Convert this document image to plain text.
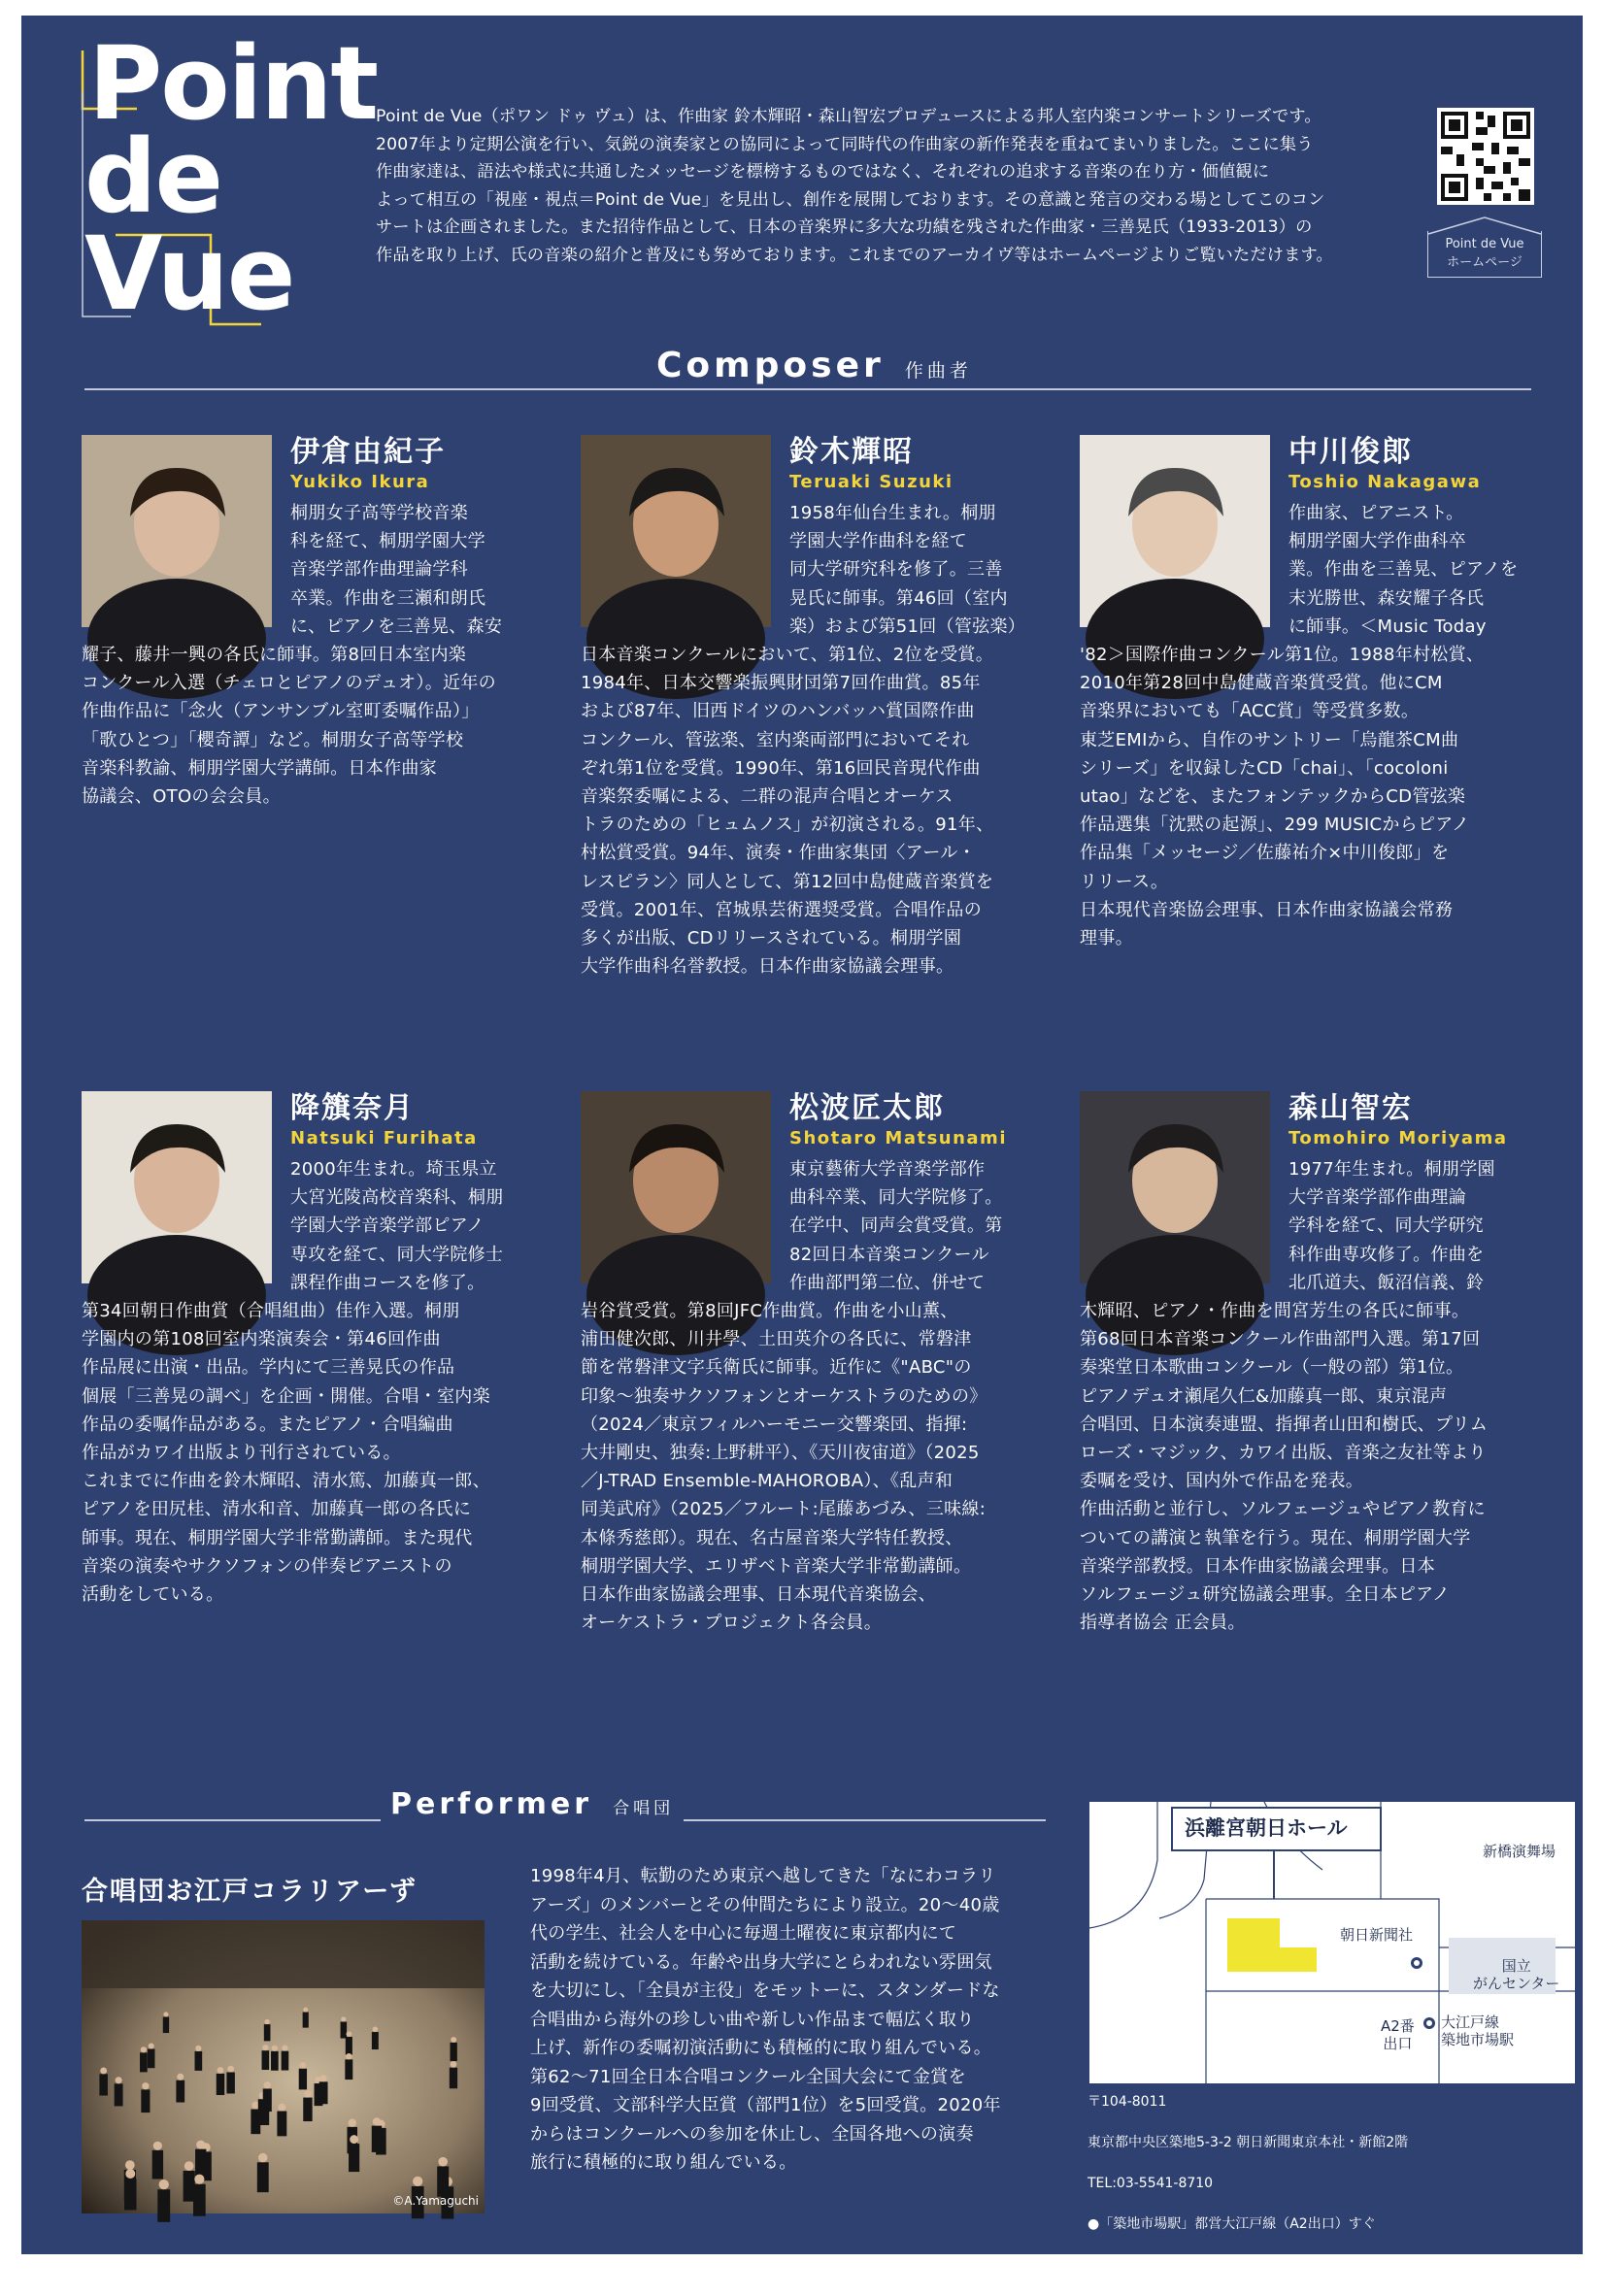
Point
de
Vue
Point de Vue（ポワン ドゥ ヴュ）は、作曲家 鈴木輝昭・森山智宏プロデュースによる邦人室内楽コンサートシリーズです。
2007年より定期公演を行い、気鋭の演奏家との協同によって同時代の作曲家の新作発表を重ねてまいりました。ここに集う
作曲家達は、語法や様式に共通したメッセージを標榜するものではなく、それぞれの追求する音楽の在り方・価値観に
よって相互の「視座・視点＝Point de Vue」を見出し、創作を展開しております。その意識と発言の交わる場としてこのコン
サートは企画されました。また招待作品として、日本の音楽界に多大な功績を残された作曲家・三善晃氏（1933-2013）の
作品を取り上げ、氏の音楽の紹介と普及にも努めております。これまでのアーカイヴ等はホームページよりご覧いただけます。
Point de Vue
ホームページ
Composer 作曲者
伊倉由紀子
Yukiko Ikura
桐朋女子高等学校音楽
科を経て、桐朋学園大学
音楽学部作曲理論学科
卒業。作曲を三瀬和朗氏
に、ピアノを三善晃、森安
耀子、藤井一興の各氏に師事。第8回日本室内楽
コンクール入選（チェロとピアノのデュオ）。近年の
作曲作品に「念火（アンサンブル室町委嘱作品）」
「歌ひとつ」「櫻奇譚」など。桐朋女子高等学校
音楽科教諭、桐朋学園大学講師。日本作曲家
協議会、OTOの会会員。
鈴木輝昭
Teruaki Suzuki
1958年仙台生まれ。桐朋
学園大学作曲科を経て
同大学研究科を修了。三善
晃氏に師事。第46回（室内
楽）および第51回（管弦楽）
日本音楽コンクールにおいて、第1位、2位を受賞。
1984年、日本交響楽振興財団第7回作曲賞。85年
および87年、旧西ドイツのハンバッハ賞国際作曲
コンクール、管弦楽、室内楽両部門においてそれ
ぞれ第1位を受賞。1990年、第16回民音現代作曲
音楽祭委嘱による、二群の混声合唱とオーケス
トラのための「ヒュムノス」が初演される。91年、
村松賞受賞。94年、演奏・作曲家集団〈アール・
レスピラン〉同人として、第12回中島健蔵音楽賞を
受賞。2001年、宮城県芸術選奨受賞。合唱作品の
多くが出版、CDリリースされている。桐朋学園
大学作曲科名誉教授。日本作曲家協議会理事。
中川俊郎
Toshio Nakagawa
作曲家、ピアニスト。
桐朋学園大学作曲科卒
業。作曲を三善晃、ピアノを
末光勝世、森安耀子各氏
に師事。＜Music Today
'82＞国際作曲コンクール第1位。1988年村松賞、
2010年第28回中島健蔵音楽賞受賞。他にCM
音楽界においても「ACC賞」等受賞多数。
東芝EMIから、自作のサントリー「烏龍茶CM曲
シリーズ」を収録したCD「chai」、「cocoloni
utao」などを、またフォンテックからCD管弦楽
作品選集「沈黙の起源」、299 MUSICからピアノ
作品集「メッセージ／佐藤祐介×中川俊郎」を
リリース。
日本現代音楽協会理事、日本作曲家協議会常務
理事。
降籏奈月
Natsuki Furihata
2000年生まれ。埼玉県立
大宮光陵高校音楽科、桐朋
学園大学音楽学部ピアノ
専攻を経て、同大学院修士
課程作曲コースを修了。
第34回朝日作曲賞（合唱組曲）佳作入選。桐朋
学園内の第108回室内楽演奏会・第46回作曲
作品展に出演・出品。学内にて三善晃氏の作品
個展「三善晃の調べ」を企画・開催。合唱・室内楽
作品の委嘱作品がある。またピアノ・合唱編曲
作品がカワイ出版より刊行されている。
これまでに作曲を鈴木輝昭、清水篤、加藤真一郎、
ピアノを田尻桂、清水和音、加藤真一郎の各氏に
師事。現在、桐朋学園大学非常勤講師。また現代
音楽の演奏やサクソフォンの伴奏ピアニストの
活動をしている。
松波匠太郎
Shotaro Matsunami
東京藝術大学音楽学部作
曲科卒業、同大学院修了。
在学中、同声会賞受賞。第
82回日本音楽コンクール
作曲部門第二位、併せて
岩谷賞受賞。第8回JFC作曲賞。作曲を小山薫、
浦田健次郎、川井學、土田英介の各氏に、常磐津
節を常磐津文字兵衛氏に師事。近作に《"ABC"の
印象～独奏サクソフォンとオーケストラのための》
（2024／東京フィルハーモニー交響楽団、指揮:
大井剛史、独奏:上野耕平）、《天川夜宙道》（2025
／J-TRAD Ensemble-MAHOROBA）、《乱声和
同美武府》（2025／フルート:尾藤あづみ、三味線:
本條秀慈郎）。現在、名古屋音楽大学特任教授、
桐朋学園大学、エリザベト音楽大学非常勤講師。
日本作曲家協議会理事、日本現代音楽協会、
オーケストラ・プロジェクト各会員。
森山智宏
Tomohiro Moriyama
1977年生まれ。桐朋学園
大学音楽学部作曲理論
学科を経て、同大学研究
科作曲専攻修了。作曲を
北爪道夫、飯沼信義、鈴
木輝昭、ピアノ・作曲を間宮芳生の各氏に師事。
第68回日本音楽コンクール作曲部門入選。第17回
奏楽堂日本歌曲コンクール（一般の部）第1位。
ピアノデュオ瀬尾久仁&加藤真一郎、東京混声
合唱団、日本演奏連盟、指揮者山田和樹氏、プリム
ローズ・マジック、カワイ出版、音楽之友社等より
委嘱を受け、国内外で作品を発表。
作曲活動と並行し、ソルフェージュやピアノ教育に
ついての講演と執筆を行う。現在、桐朋学園大学
音楽学部教授。日本作曲家協議会理事。日本
ソルフェージュ研究協議会理事。全日本ピアノ
指導者協会 正会員。
Performer 合唱団
合唱団お江戸コラリアーず
©A.Yamaguchi
1998年4月、転勤のため東京へ越してきた「なにわコラリ
アーズ」のメンバーとその仲間たちにより設立。20～40歳
代の学生、社会人を中心に毎週土曜夜に東京都内にて
活動を続けている。年齢や出身大学にとらわれない雰囲気
を大切にし、「全員が主役」をモットーに、スタンダードな
合唱曲から海外の珍しい曲や新しい作品まで幅広く取り
上げ、新作の委嘱初演活動にも積極的に取り組んでいる。
第62～71回全日本合唱コンクール全国大会にて金賞を
9回受賞、文部科学大臣賞（部門1位）を5回受賞。2020年
からはコンクールへの参加を休止し、全国各地への演奏
旅行に積極的に取り組んでいる。
浜離宮朝日ホール
新橋演舞場
朝日新聞社
国立
がんセンター
A2番
出口
大江戸線
築地市場駅

〒104-8011

東京都中央区築地5-3-2 朝日新聞東京本社・新館2階

TEL:03-5541-8710

●「築地市場駅」都営大江戸線（A2出口）すぐ

※A2出口はエスカレーター、A3出口はエレベーターがございます。
